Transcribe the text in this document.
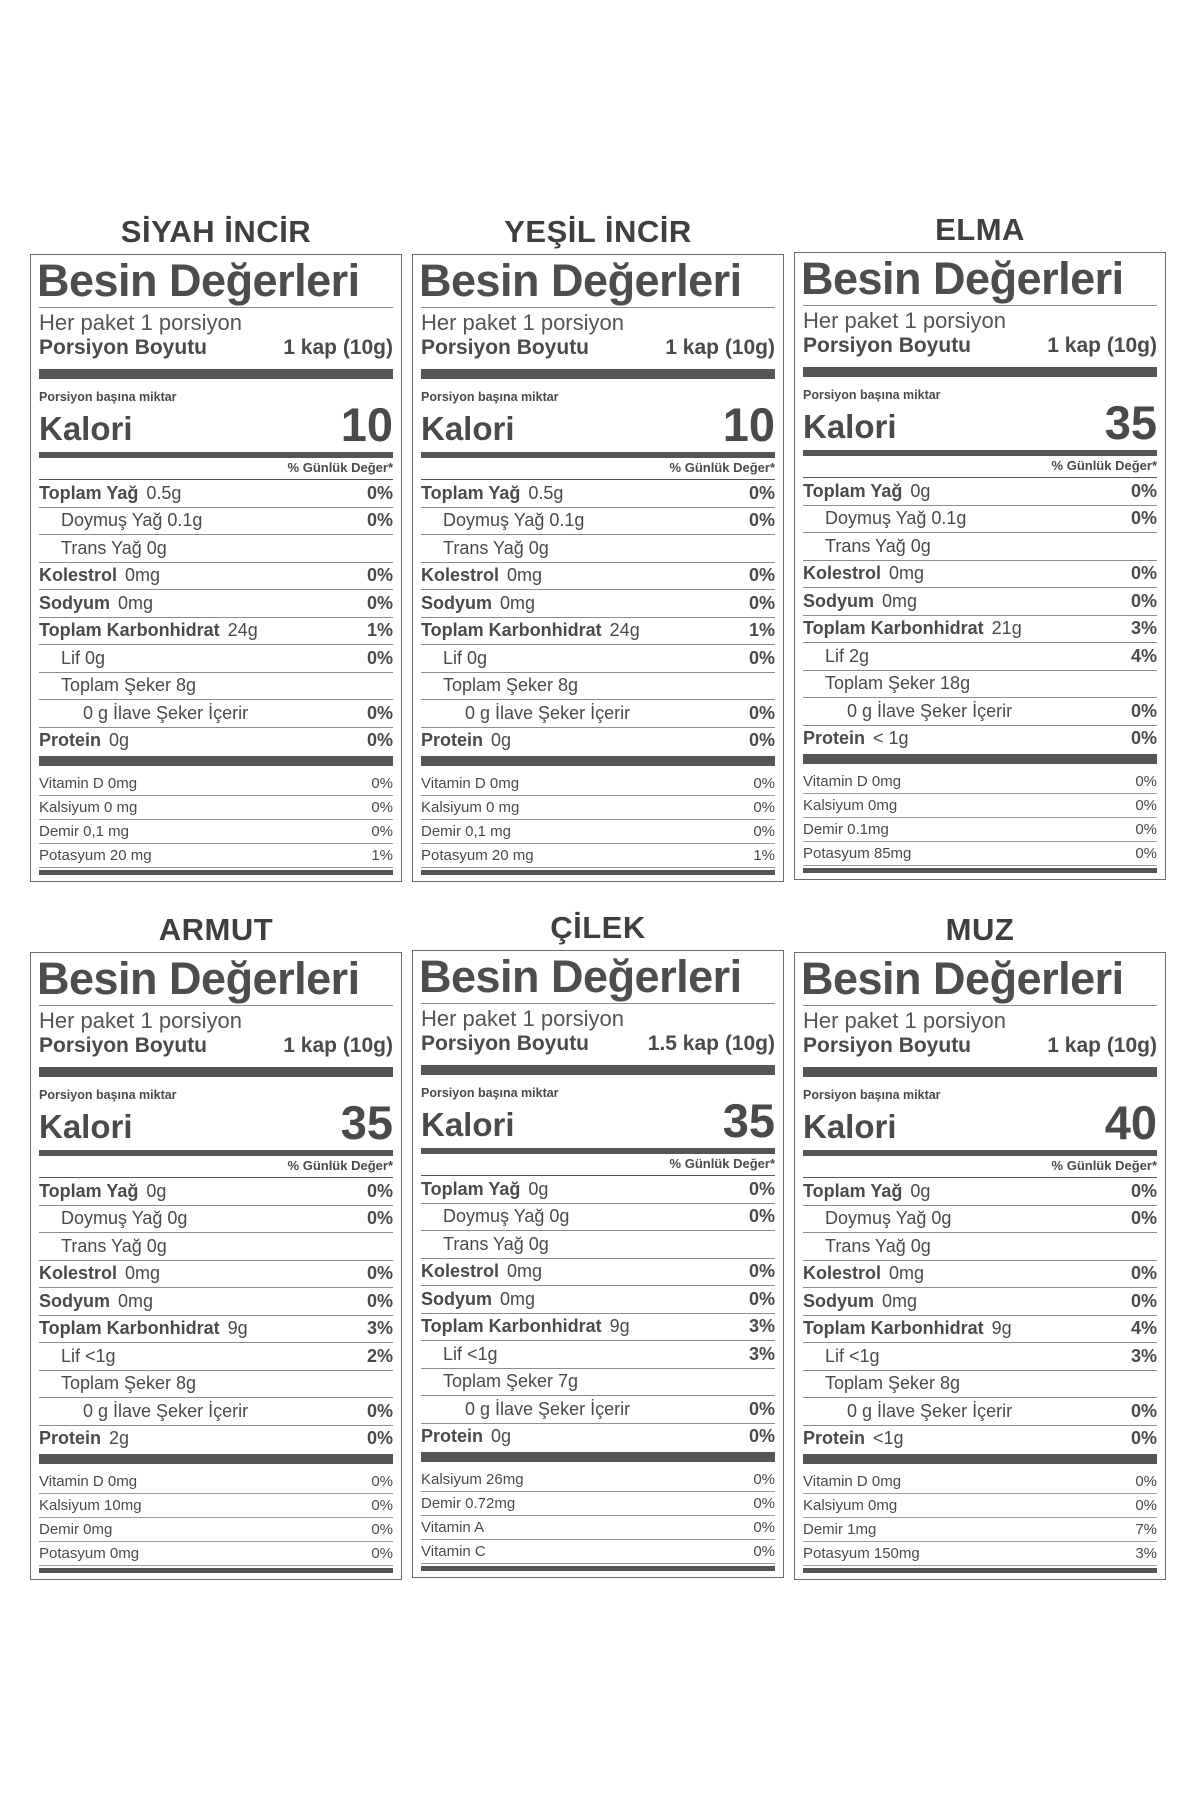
SİYAH İNCİR
Besin Değerleri
Her paket 1 porsiyon
Porsiyon Boyutu	1 kap (10g)
Porsiyon başına miktar
Kalori	10
% Günlük Değer*
Toplam Yağ 0.5g	0%
Doymuş Yağ 0.1g	0%
Trans Yağ 0g
Kolestrol 0mg	0%
Sodyum 0mg	0%
Toplam Karbonhidrat 24g	1%
Lif 0g	0%
Toplam Şeker 8g
0 g İlave Şeker İçerir	0%
Protein 0g	0%
Vitamin D 0mg	0%
Kalsiyum 0 mg	0%
Demir 0,1 mg	0%
Potasyum 20 mg	1%
YEŞİL İNCİR
Besin Değerleri
Her paket 1 porsiyon
Porsiyon Boyutu	1 kap (10g)
Porsiyon başına miktar
Kalori	10
% Günlük Değer*
Toplam Yağ 0.5g	0%
Doymuş Yağ 0.1g	0%
Trans Yağ 0g
Kolestrol 0mg	0%
Sodyum 0mg	0%
Toplam Karbonhidrat 24g	1%
Lif 0g	0%
Toplam Şeker 8g
0 g İlave Şeker İçerir	0%
Protein 0g	0%
Vitamin D 0mg	0%
Kalsiyum 0 mg	0%
Demir 0,1 mg	0%
Potasyum 20 mg	1%
ELMA
Besin Değerleri
Her paket 1 porsiyon
Porsiyon Boyutu	1 kap (10g)
Porsiyon başına miktar
Kalori	35
% Günlük Değer*
Toplam Yağ 0g	0%
Doymuş Yağ 0.1g	0%
Trans Yağ 0g
Kolestrol 0mg	0%
Sodyum 0mg	0%
Toplam Karbonhidrat 21g	3%
Lif 2g	4%
Toplam Şeker 18g
0 g İlave Şeker İçerir	0%
Protein < 1g	0%
Vitamin D 0mg	0%
Kalsiyum 0mg	0%
Demir 0.1mg	0%
Potasyum 85mg	0%
ARMUT
Besin Değerleri
Her paket 1 porsiyon
Porsiyon Boyutu	1 kap (10g)
Porsiyon başına miktar
Kalori	35
% Günlük Değer*
Toplam Yağ 0g	0%
Doymuş Yağ 0g	0%
Trans Yağ 0g
Kolestrol 0mg	0%
Sodyum 0mg	0%
Toplam Karbonhidrat 9g	3%
Lif <1g	2%
Toplam Şeker 8g
0 g İlave Şeker İçerir	0%
Protein 2g	0%
Vitamin D 0mg	0%
Kalsiyum 10mg	0%
Demir 0mg	0%
Potasyum 0mg	0%
ÇİLEK
Besin Değerleri
Her paket 1 porsiyon
Porsiyon Boyutu	1.5 kap (10g)
Porsiyon başına miktar
Kalori	35
% Günlük Değer*
Toplam Yağ 0g	0%
Doymuş Yağ 0g	0%
Trans Yağ 0g
Kolestrol 0mg	0%
Sodyum 0mg	0%
Toplam Karbonhidrat 9g	3%
Lif <1g	3%
Toplam Şeker 7g
0 g İlave Şeker İçerir	0%
Protein 0g	0%
Kalsiyum 26mg	0%
Demir 0.72mg	0%
Vitamin A	0%
Vitamin C	0%
MUZ
Besin Değerleri
Her paket 1 porsiyon
Porsiyon Boyutu	1 kap (10g)
Porsiyon başına miktar
Kalori	40
% Günlük Değer*
Toplam Yağ 0g	0%
Doymuş Yağ 0g	0%
Trans Yağ 0g
Kolestrol 0mg	0%
Sodyum 0mg	0%
Toplam Karbonhidrat 9g	4%
Lif <1g	3%
Toplam Şeker 8g
0 g İlave Şeker İçerir	0%
Protein <1g	0%
Vitamin D 0mg	0%
Kalsiyum 0mg	0%
Demir 1mg	7%
Potasyum 150mg	3%
